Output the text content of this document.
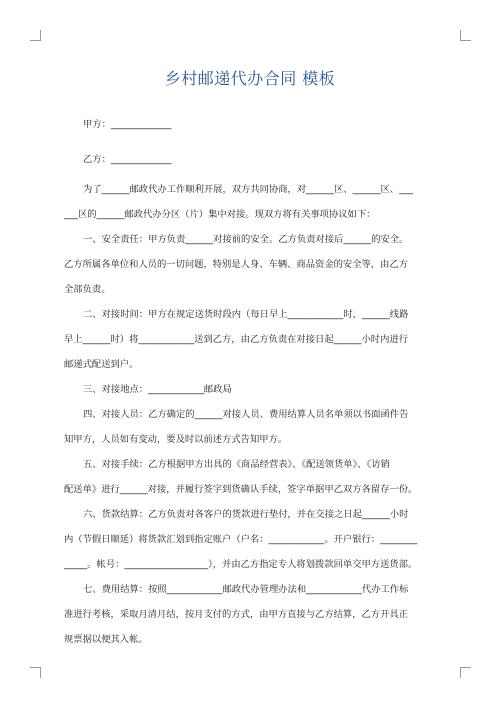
乡村邮递代办合同 模板
甲方：_____________
乙方：_____________
为了______邮政代办工作顺利开展，双方共同协商，对______区、______区、___
___区的______邮政代办分区（片）集中对接。现双方将有关事项协议如下：
一、安全责任：甲方负责______对接前的安全。乙方负责对接后______的安全。
乙方所属各单位和人员的一切问题，特别是人身、车辆、商品资金的安全等，由乙方
全部负责。
二、对接时间：甲方在规定送货时段内（每日早上____________时，______线路
早上______时）将____________送到乙方，由乙方负责在对接日起______小时内进行
邮递式配送到户。
三、对接地点：____________邮政局
四、对接人员：乙方确定的______对接人员、费用结算人员名单须以书面函件告
知甲方，人员如有变动，要及时以前述方式告知甲方。
五、对接手续：乙方根据甲方出具的《商品经营表》、《配送领货单》、《访销
配送单》进行______对接，并履行签字到货确认手续，签字单据甲乙双方各留存一份。
六、货款结算：乙方负责对各客户的货款进行垫付，并在交接之日起______小时
内（节假日顺延）将货款汇划到指定账户（户名：____________。开户银行：________
_____。帐号：__________________），并由乙方指定专人将划拨款回单交甲方送货部。
七、费用结算：按照____________邮政代办管理办法和____________代办工作标
准进行考核，采取月清月结，按月支付的方式，由甲方直接与乙方结算，乙方开具正
规票据以便其入帐。
